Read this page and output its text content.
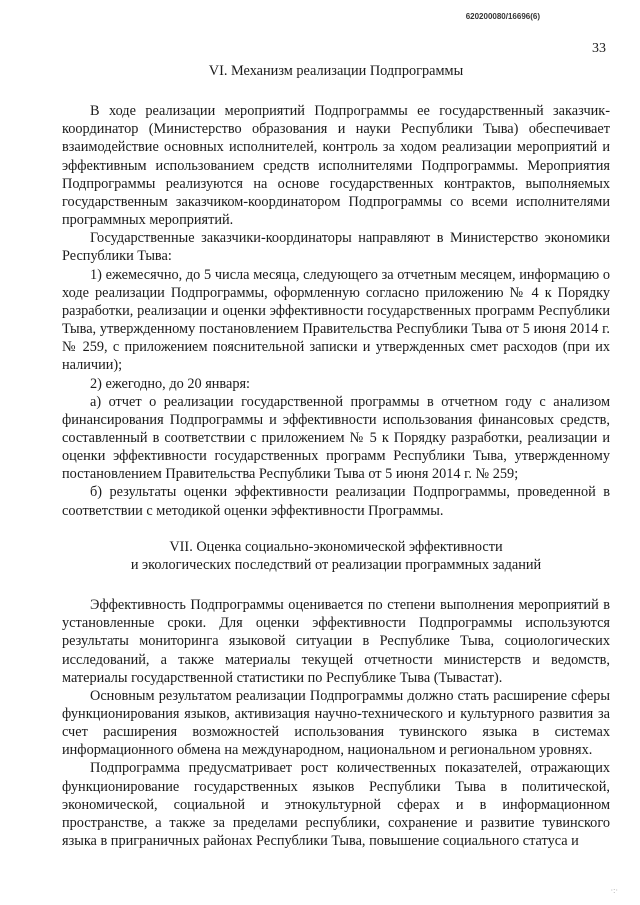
620200080/16696(6)
33
VI. Механизм реализации Подпрограммы

В ходе реализации мероприятий Подпрограммы ее государственный заказчик-координатор (Министерство образования и науки Республики Тыва) обеспечивает взаимодействие основных исполнителей, контроль за ходом реализации мероприятий и эффективным использованием средств исполнителями Подпрограммы. Мероприятия Подпрограммы реализуются на основе государственных контрактов, выполняемых государственным заказчиком-координатором Подпрограммы со всеми исполнителями программных мероприятий.

Государственные заказчики-координаторы направляют в Министерство экономики Республики Тыва:

1) ежемесячно, до 5 числа месяца, следующего за отчетным месяцем, информацию о ходе реализации Подпрограммы, оформленную согласно приложению № 4 к Порядку разработки, реализации и оценки эффективности государственных программ Республики Тыва, утвержденному постановлением Правительства Республики Тыва от 5 июня 2014 г. № 259, с приложением пояснительной записки и утвержденных смет расходов (при их наличии);

2) ежегодно, до 20 января:

а) отчет о реализации государственной программы в отчетном году с анализом финансирования Подпрограммы и эффективности использования финансовых средств, составленный в соответствии с приложением № 5 к Порядку разработки, реализации и оценки эффективности государственных программ Республики Тыва, утвержденному постановлением Правительства Республики Тыва от 5 июня 2014 г. № 259;

б) результаты оценки эффективности реализации Подпрограммы, проведенной в соответствии с методикой оценки эффективности Программы.

VII. Оценка социально-экономической эффективности
и экологических последствий от реализации программных заданий

Эффективность Подпрограммы оценивается по степени выполнения мероприятий в установленные сроки. Для оценки эффективности Подпрограммы используются результаты мониторинга языковой ситуации в Республике Тыва, социологических исследований, а также материалы текущей отчетности министерств и ведомств, материалы государственной статистики по Республике Тыва (Тывастат).

Основным результатом реализации Подпрограммы должно стать расширение сферы функционирования языков, активизация научно-технического и культурного развития за счет расширения возможностей использования тувинского языка в системах информационного обмена на международном, национальном и региональном уровнях.

Подпрограмма предусматривает рост количественных показателей, отражающих функционирование государственных языков Республики Тыва в политической, экономической, социальной и этнокультурной сферах и в информационном пространстве, а также за пределами республики, сохранение и развитие тувинского языка в приграничных районах Республики Тыва, повышение социального статуса и

·:·
